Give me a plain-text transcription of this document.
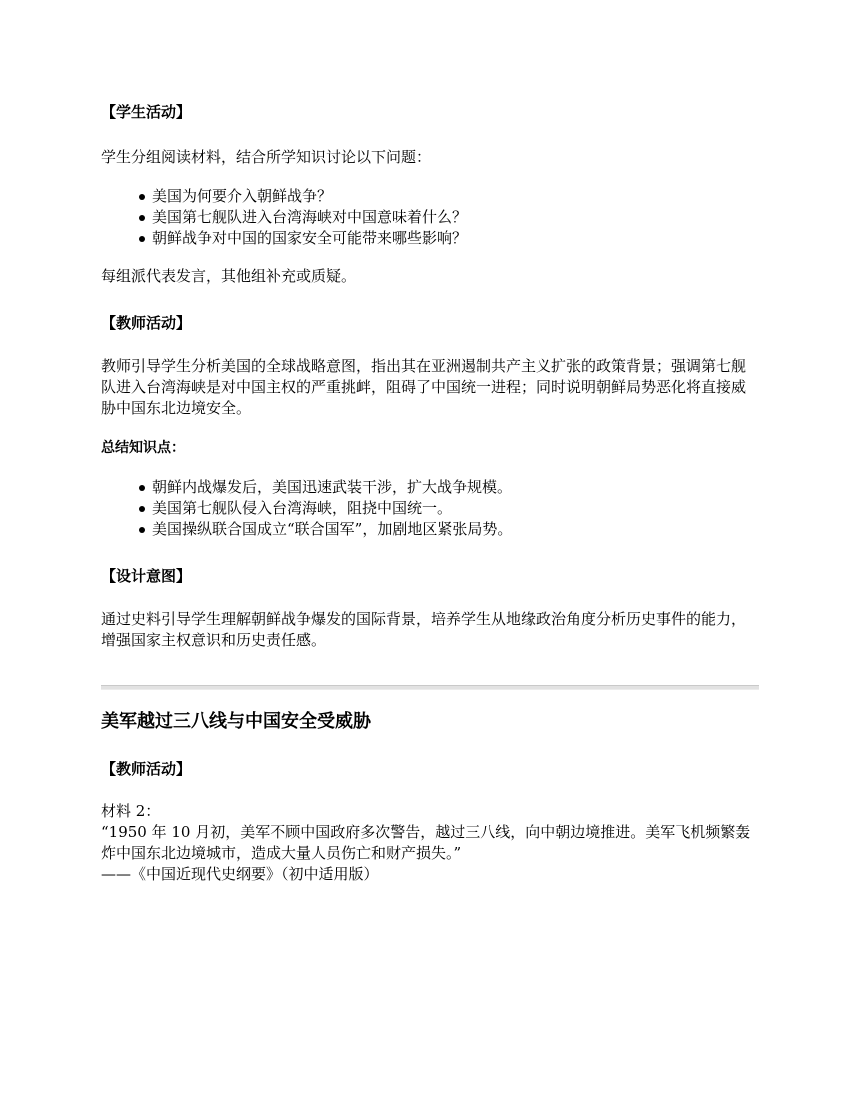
【学生活动】
学生分组阅读材料，结合所学知识讨论以下问题：
美国为何要介入朝鲜战争？
美国第七舰队进入台湾海峡对中国意味着什么？
朝鲜战争对中国的国家安全可能带来哪些影响？
每组派代表发言，其他组补充或质疑。
【教师活动】
教师引导学生分析美国的全球战略意图，指出其在亚洲遏制共产主义扩张的政策背景；强调第七舰队进入台湾海峡是对中国主权的严重挑衅，阻碍了中国统一进程；同时说明朝鲜局势恶化将直接威胁中国东北边境安全。
总结知识点：
朝鲜内战爆发后，美国迅速武装干涉，扩大战争规模。
美国第七舰队侵入台湾海峡，阻挠中国统一。
美国操纵联合国成立“联合国军”，加剧地区紧张局势。
【设计意图】
通过史料引导学生理解朝鲜战争爆发的国际背景，培养学生从地缘政治角度分析历史事件的能力，增强国家主权意识和历史责任感。
美军越过三八线与中国安全受威胁
【教师活动】
材料 2：
“1950 年 10 月初，美军不顾中国政府多次警告，越过三八线，向中朝边境推进。美军飞机频繁轰炸中国东北边境城市，造成大量人员伤亡和财产损失。”
——《中国近现代史纲要》（初中适用版）
